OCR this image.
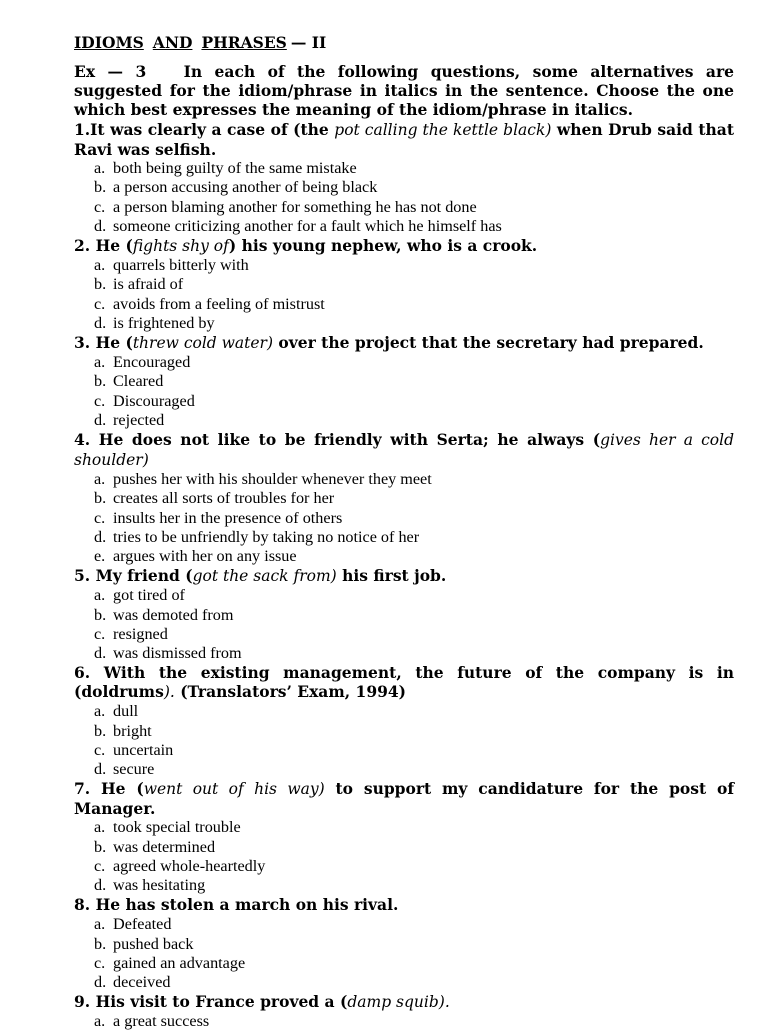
IDIOMS AND PHRASES — II
Ex — 3 In each of the following questions, some alternatives are suggested for the idiom/phrase in italics in the sentence. Choose the one which best expresses the meaning of the idiom/phrase in italics.
1.It was clearly a case of (the pot calling the kettle black) when Drub said that Ravi was selfish.
a. both being guilty of the same mistake
b. a person accusing another of being black
c. a person blaming another for something he has not done
d. someone criticizing another for a fault which he himself has
2. He (fights shy of) his young nephew, who is a crook.
a. quarrels bitterly with
b. is afraid of
c. avoids from a feeling of mistrust
d. is frightened by
3. He (threw cold water) over the project that the secretary had prepared.
a. Encouraged
b. Cleared
c. Discouraged
d. rejected
4. He does not like to be friendly with Serta; he always (gives her a cold shoulder)
a. pushes her with his shoulder whenever they meet
b. creates all sorts of troubles for her
c. insults her in the presence of others
d. tries to be unfriendly by taking no notice of her
e. argues with her on any issue
5. My friend (got the sack from) his first job.
a. got tired of
b. was demoted from
c. resigned
d. was dismissed from
6. With the existing management, the future of the company is in (doldrums). (Translators’ Exam, 1994)
a. dull
b. bright
c. uncertain
d. secure
7. He (went out of his way) to support my candidature for the post of Manager.
a. took special trouble
b. was determined
c. agreed whole-heartedly
d. was hesitating
8. He has stolen a march on his rival.
a. Defeated
b. pushed back
c. gained an advantage
d. deceived
9. His visit to France proved a (damp squib).
a. a great success
